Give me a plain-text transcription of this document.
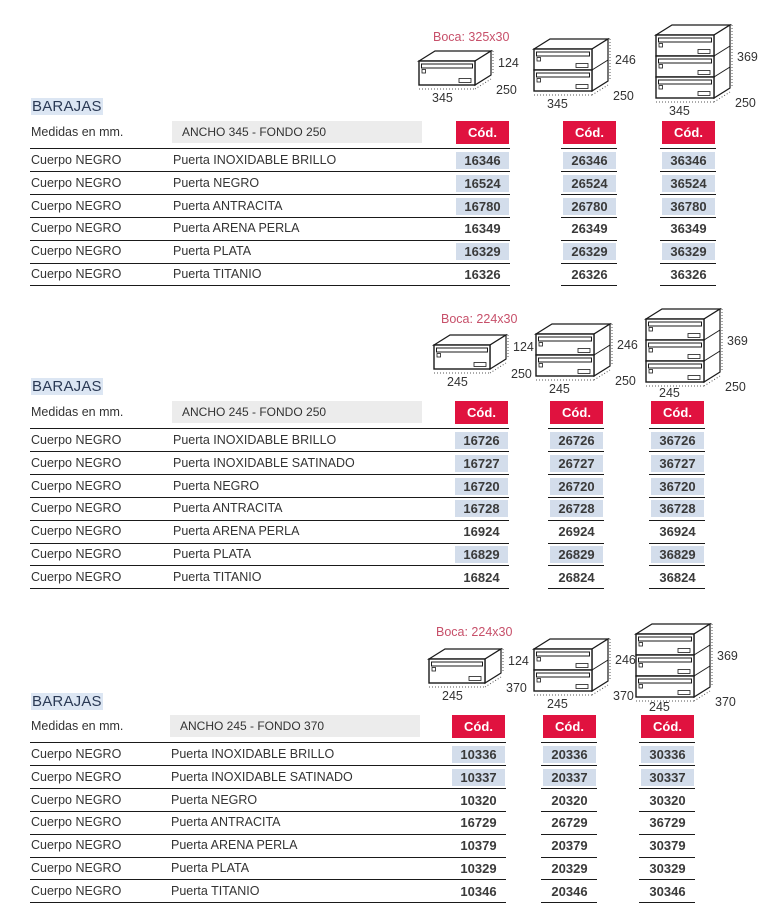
BARAJAS
Medidas en mm.	ANCHO 345 - FONDO 250
Boca: 325x30
345
250
124
345
250
246
345
250
369
Cód.	Cód.	Cód.
Cuerpo NEGRO	Puerta INOXIDABLE BRILLO	16346	26346	36346
Cuerpo NEGRO	Puerta NEGRO	16524	26524	36524
Cuerpo NEGRO	Puerta ANTRACITA	16780	26780	36780
Cuerpo NEGRO	Puerta ARENA PERLA	16349	26349	36349
Cuerpo NEGRO	Puerta PLATA	16329	26329	36329
Cuerpo NEGRO	Puerta TITANIO	16326	26326	36326
BARAJAS
Medidas en mm.	ANCHO 245 - FONDO 250
Boca: 224x30
245
250
124
245
250
246
245	250
369
Cód.	Cód.	Cód.
Cuerpo NEGRO	Puerta INOXIDABLE BRILLO	16726	26726	36726
Cuerpo NEGRO	Puerta INOXIDABLE SATINADO	16727	26727	36727
Cuerpo NEGRO	Puerta NEGRO	16720	26720	36720
Cuerpo NEGRO	Puerta ANTRACITA	16728	26728	36728
Cuerpo NEGRO	Puerta ARENA PERLA	16924	26924	36924
Cuerpo NEGRO	Puerta PLATA	16829	26829	36829
Cuerpo NEGRO	Puerta TITANIO	16824	26824	36824
BARAJAS
Medidas en mm.	ANCHO 245 - FONDO 370
Boca: 224x30
245
370
124
245
370
246
245	370
369
Cód.	Cód.	Cód.
Cuerpo NEGRO	Puerta INOXIDABLE BRILLO	10336	20336	30336
Cuerpo NEGRO	Puerta INOXIDABLE SATINADO	10337	20337	30337
Cuerpo NEGRO	Puerta NEGRO	10320	20320	30320
Cuerpo NEGRO	Puerta ANTRACITA	16729	26729	36729
Cuerpo NEGRO	Puerta ARENA PERLA	10379	20379	30379
Cuerpo NEGRO	Puerta PLATA	10329	20329	30329
Cuerpo NEGRO	Puerta TITANIO	10346	20346	30346
